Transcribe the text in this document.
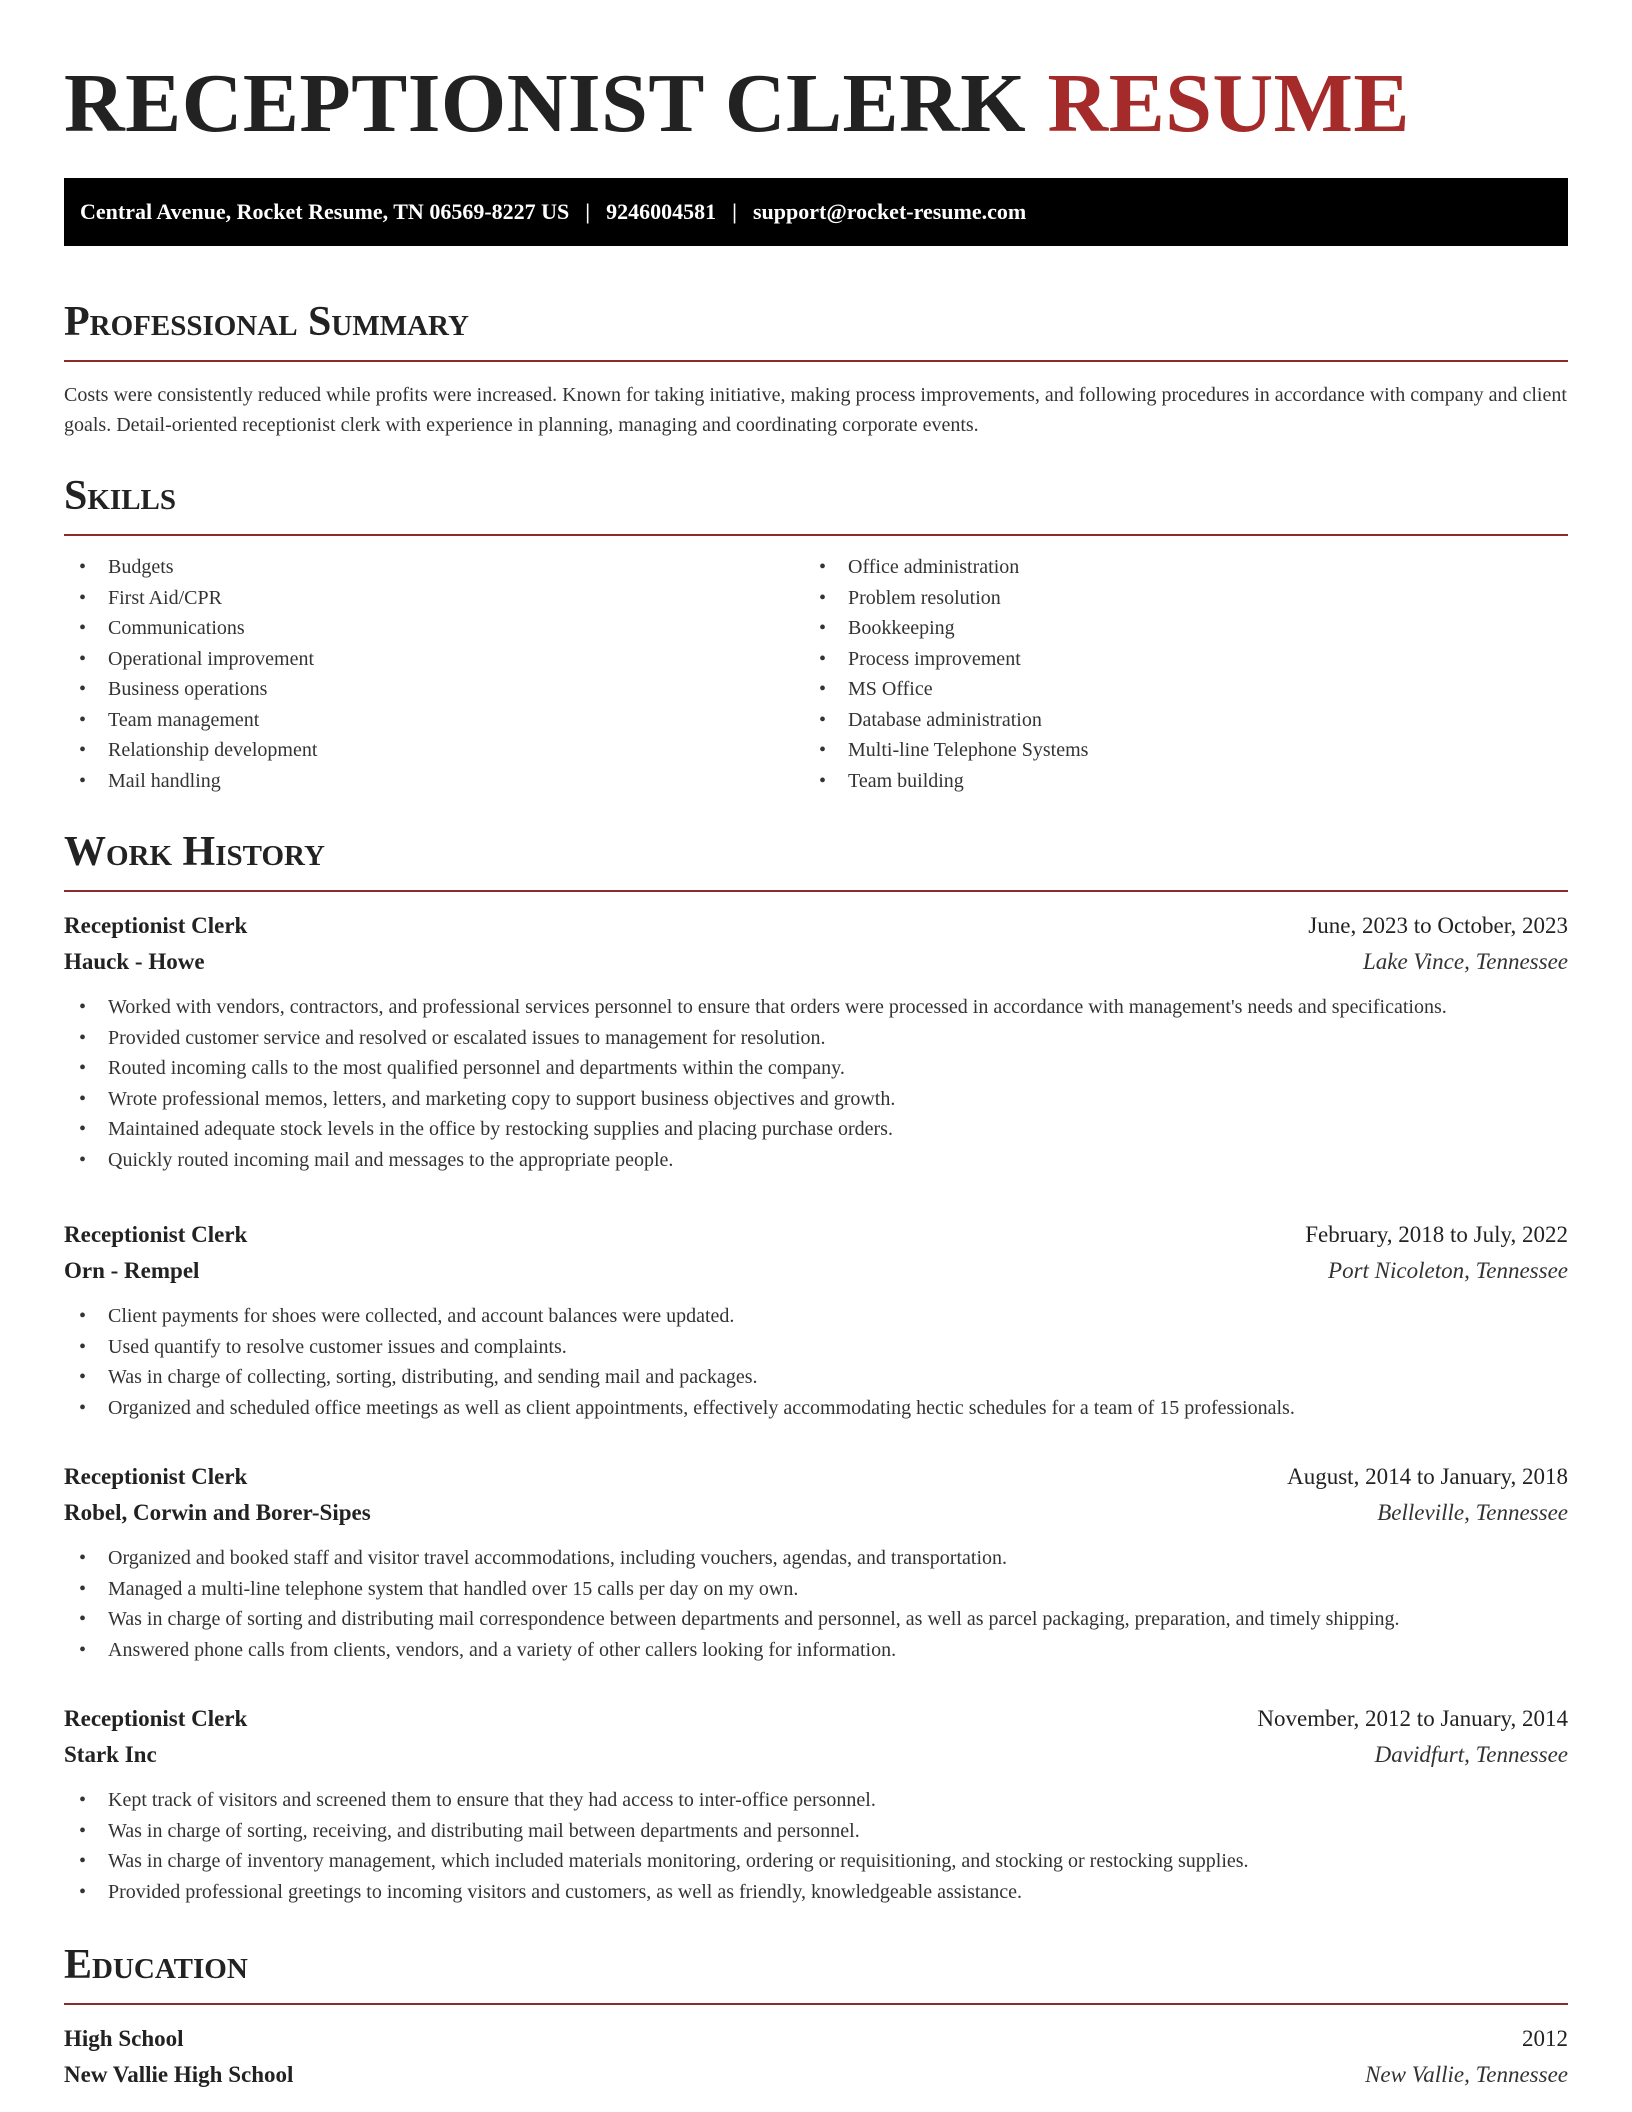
RECEPTIONIST CLERK RESUME
Central Avenue, Rocket Resume, TN 06569-8227 US | 9246004581 | support@rocket-resume.com
Professional Summary

Costs were consistently reduced while profits were increased. Known for taking initiative, making process improvements, and following procedures in accordance with company and client goals. Detail-oriented receptionist clerk with experience in planning, managing and coordinating corporate events.

Skills
• Budgets
• First Aid/CPR
• Communications
• Operational improvement
• Business operations
• Team management
• Relationship development
• Mail handling
• Office administration
• Problem resolution
• Bookkeeping
• Process improvement
• MS Office
• Database administration
• Multi-line Telephone Systems
• Team building
Work History
Receptionist Clerk	June, 2023 to October, 2023
Hauck - Howe	Lake Vince, Tennessee
• Worked with vendors, contractors, and professional services personnel to ensure that orders were processed in accordance with management's needs and specifications.
• Provided customer service and resolved or escalated issues to management for resolution.
• Routed incoming calls to the most qualified personnel and departments within the company.
• Wrote professional memos, letters, and marketing copy to support business objectives and growth.
• Maintained adequate stock levels in the office by restocking supplies and placing purchase orders.
• Quickly routed incoming mail and messages to the appropriate people.
Receptionist Clerk	February, 2018 to July, 2022
Orn - Rempel	Port Nicoleton, Tennessee
• Client payments for shoes were collected, and account balances were updated.
• Used quantify to resolve customer issues and complaints.
• Was in charge of collecting, sorting, distributing, and sending mail and packages.
• Organized and scheduled office meetings as well as client appointments, effectively accommodating hectic schedules for a team of 15 professionals.
Receptionist Clerk	August, 2014 to January, 2018
Robel, Corwin and Borer-Sipes	Belleville, Tennessee
• Organized and booked staff and visitor travel accommodations, including vouchers, agendas, and transportation.
• Managed a multi-line telephone system that handled over 15 calls per day on my own.
• Was in charge of sorting and distributing mail correspondence between departments and personnel, as well as parcel packaging, preparation, and timely shipping.
• Answered phone calls from clients, vendors, and a variety of other callers looking for information.
Receptionist Clerk	November, 2012 to January, 2014
Stark Inc	Davidfurt, Tennessee
• Kept track of visitors and screened them to ensure that they had access to inter-office personnel.
• Was in charge of sorting, receiving, and distributing mail between departments and personnel.
• Was in charge of inventory management, which included materials monitoring, ordering or requisitioning, and stocking or restocking supplies.
• Provided professional greetings to incoming visitors and customers, as well as friendly, knowledgeable assistance.
Education
High School	2012
New Vallie High School	New Vallie, Tennessee
